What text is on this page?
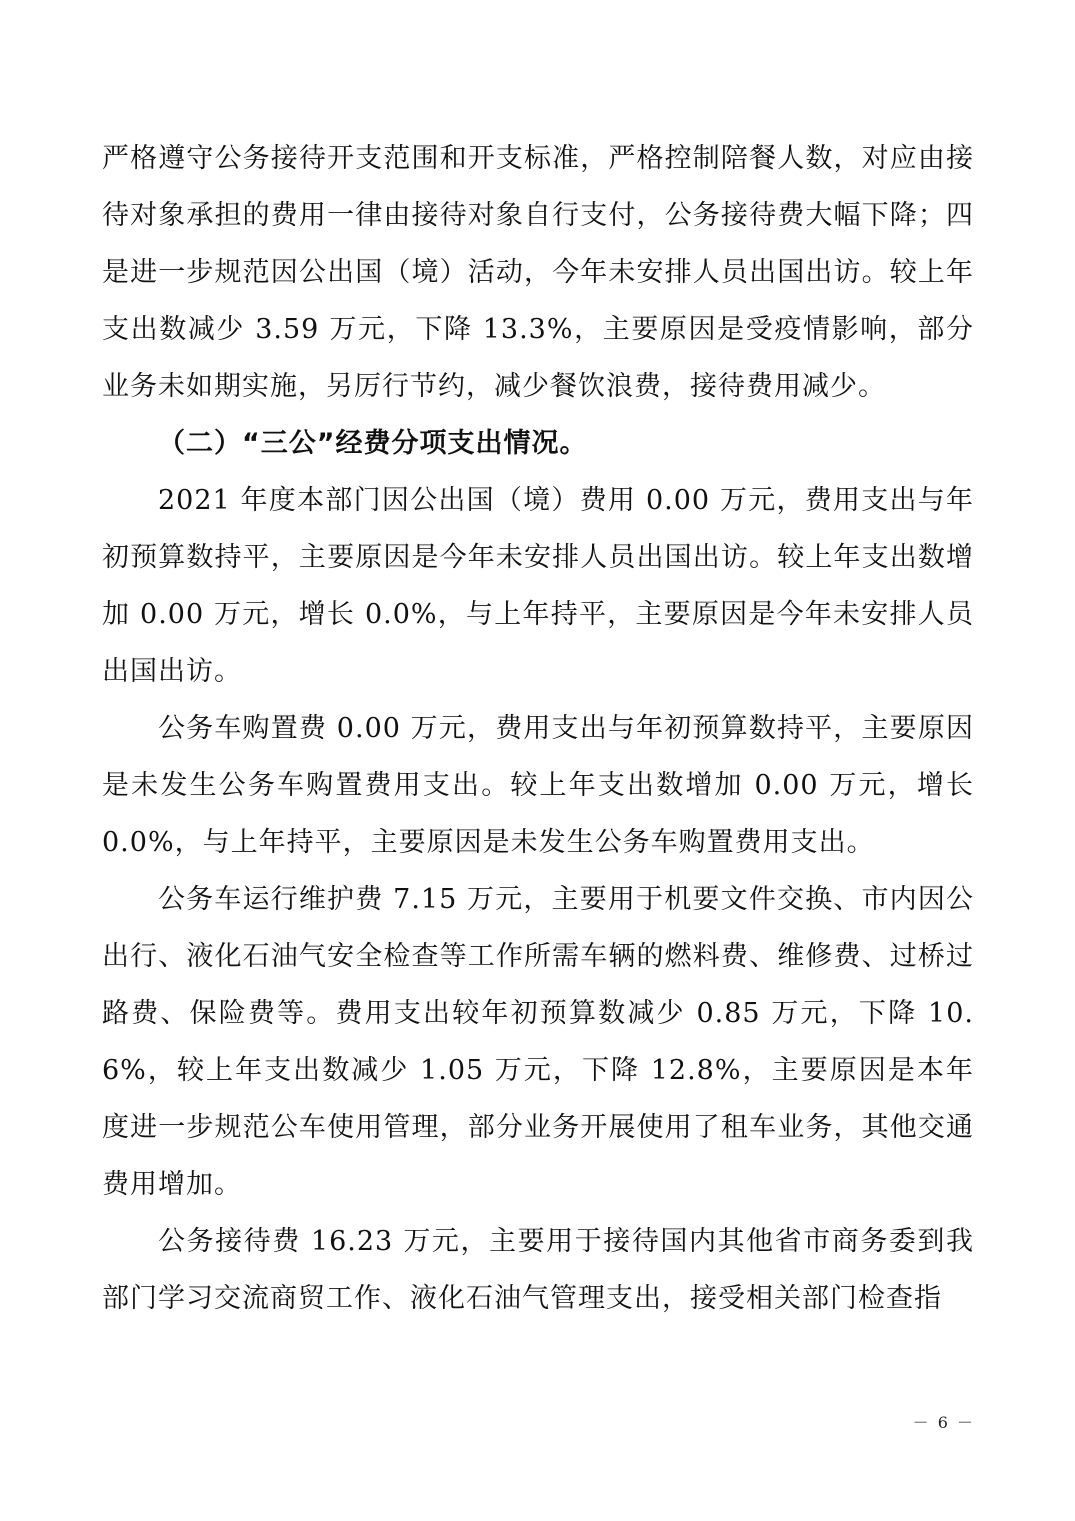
严格遵守公务接待开支范围和开支标准，严格控制陪餐人数，对应由接待对象承担的费用一律由接待对象自行支付，公务接待费大幅下降；四是进一步规范因公出国（境）活动，今年未安排人员出国出访。较上年支出数减少 3.59 万元，下降 13.3%，主要原因是受疫情影响，部分业务未如期实施，另厉行节约，减少餐饮浪费，接待费用减少。

（二）“三公”经费分项支出情况。

2021 年度本部门因公出国（境）费用 0.00 万元，费用支出与年初预算数持平，主要原因是今年未安排人员出国出访。较上年支出数增加 0.00 万元，增长 0.0%，与上年持平，主要原因是今年未安排人员出国出访。

公务车购置费 0.00 万元，费用支出与年初预算数持平，主要原因是未发生公务车购置费用支出。较上年支出数增加 0.00 万元，增长 0.0%，与上年持平，主要原因是未发生公务车购置费用支出。

公务车运行维护费 7.15 万元，主要用于机要文件交换、市内因公出行、液化石油气安全检查等工作所需车辆的燃料费、维修费、过桥过路费、保险费等。费用支出较年初预算数减少 0.85 万元，下降 10.6%，较上年支出数减少 1.05 万元，下降 12.8%，主要原因是本年度进一步规范公车使用管理，部分业务开展使用了租车业务，其他交通费用增加。

公务接待费 16.23 万元，主要用于接待国内其他省市商务委到我部门学习交流商贸工作、液化石油气管理支出，接受相关部门检查指

－ 6 －
